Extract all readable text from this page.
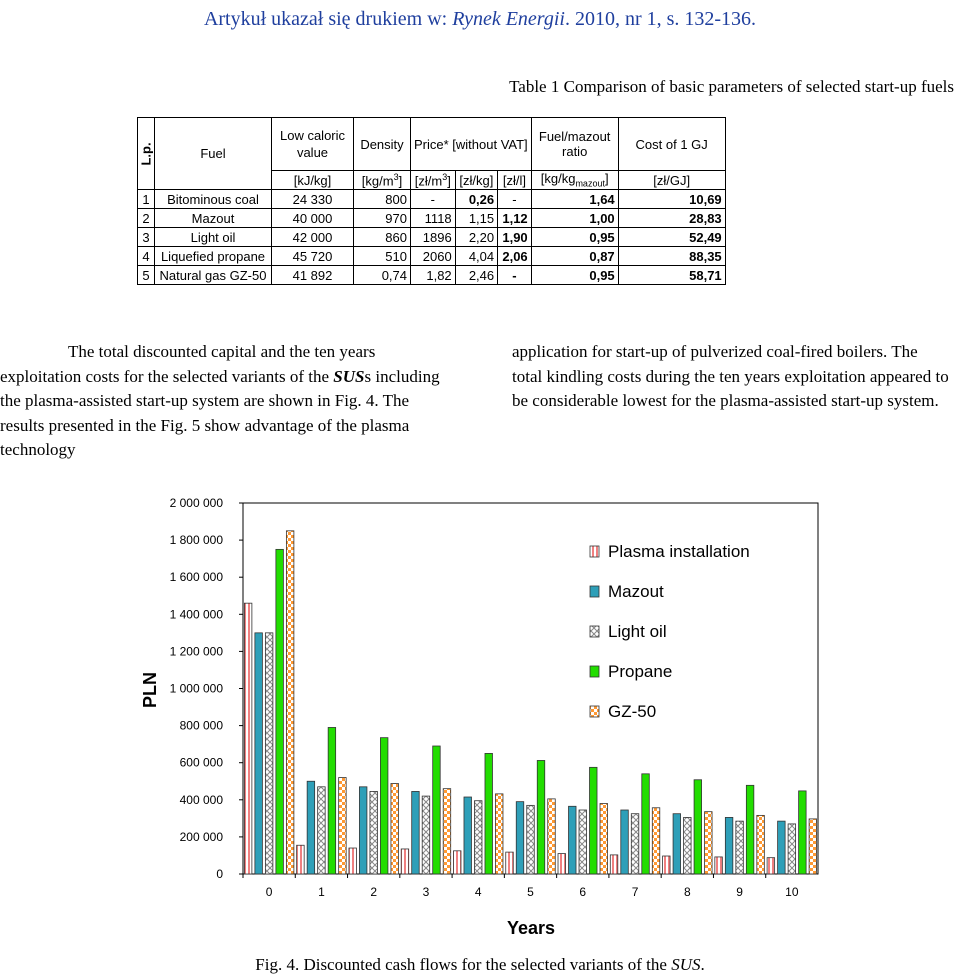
Artykuł ukazał się drukiem w: Rynek Energii. 2010, nr 1, s. 132-136.
Table 1 Comparison of basic parameters of selected start-up fuels
L.p.	Fuel	Low caloric value	Density	Price* [without VAT]			Fuel/mazout ratio	Cost of 1 GJ
		[kJ/kg]	$[kg/m^3]$	$[zł/m^3]$	[zł/kg]	[zł/l]	$[kg/kg_{mazout}]$	[zł/GJ]
1	Bitominous coal	24 330	800	-	0,26	-	1,64	10,69
2	Mazout	40 000	970	1118	1,15	1,12	1,00	28,83
3	Light oil	42 000	860	1896	2,20	1,90	0,95	52,49
4	Liquefied propane	45 720	510	2060	4,04	2,06	0,87	88,35
5	Natural gas GZ-50	41 892	0,74	1,82	2,46	-	0,95	58,71
The total discounted capital and the ten years exploitation costs for the selected variants of the SUSs including the plasma-assisted start-up system are shown in Fig. 4. The results presented in the Fig. 5 show advantage of the plasma technology
application for start-up of pulverized coal-fired boilers. The total kindling costs during the ten years exploitation appeared to be considerable lowest for the plasma-assisted start-up system.
0
200 000
400 000
600 000
800 000
1 000 000
1 200 000
1 400 000
1 600 000
1 800 000
2 000 000
PLN
0	1	2	3	4	5	6	7	8	9	10
Years
Plasma installation
Mazout
Light oil
Propane
GZ-50
Fig. 4. Discounted cash flows for the selected variants of the SUS.
